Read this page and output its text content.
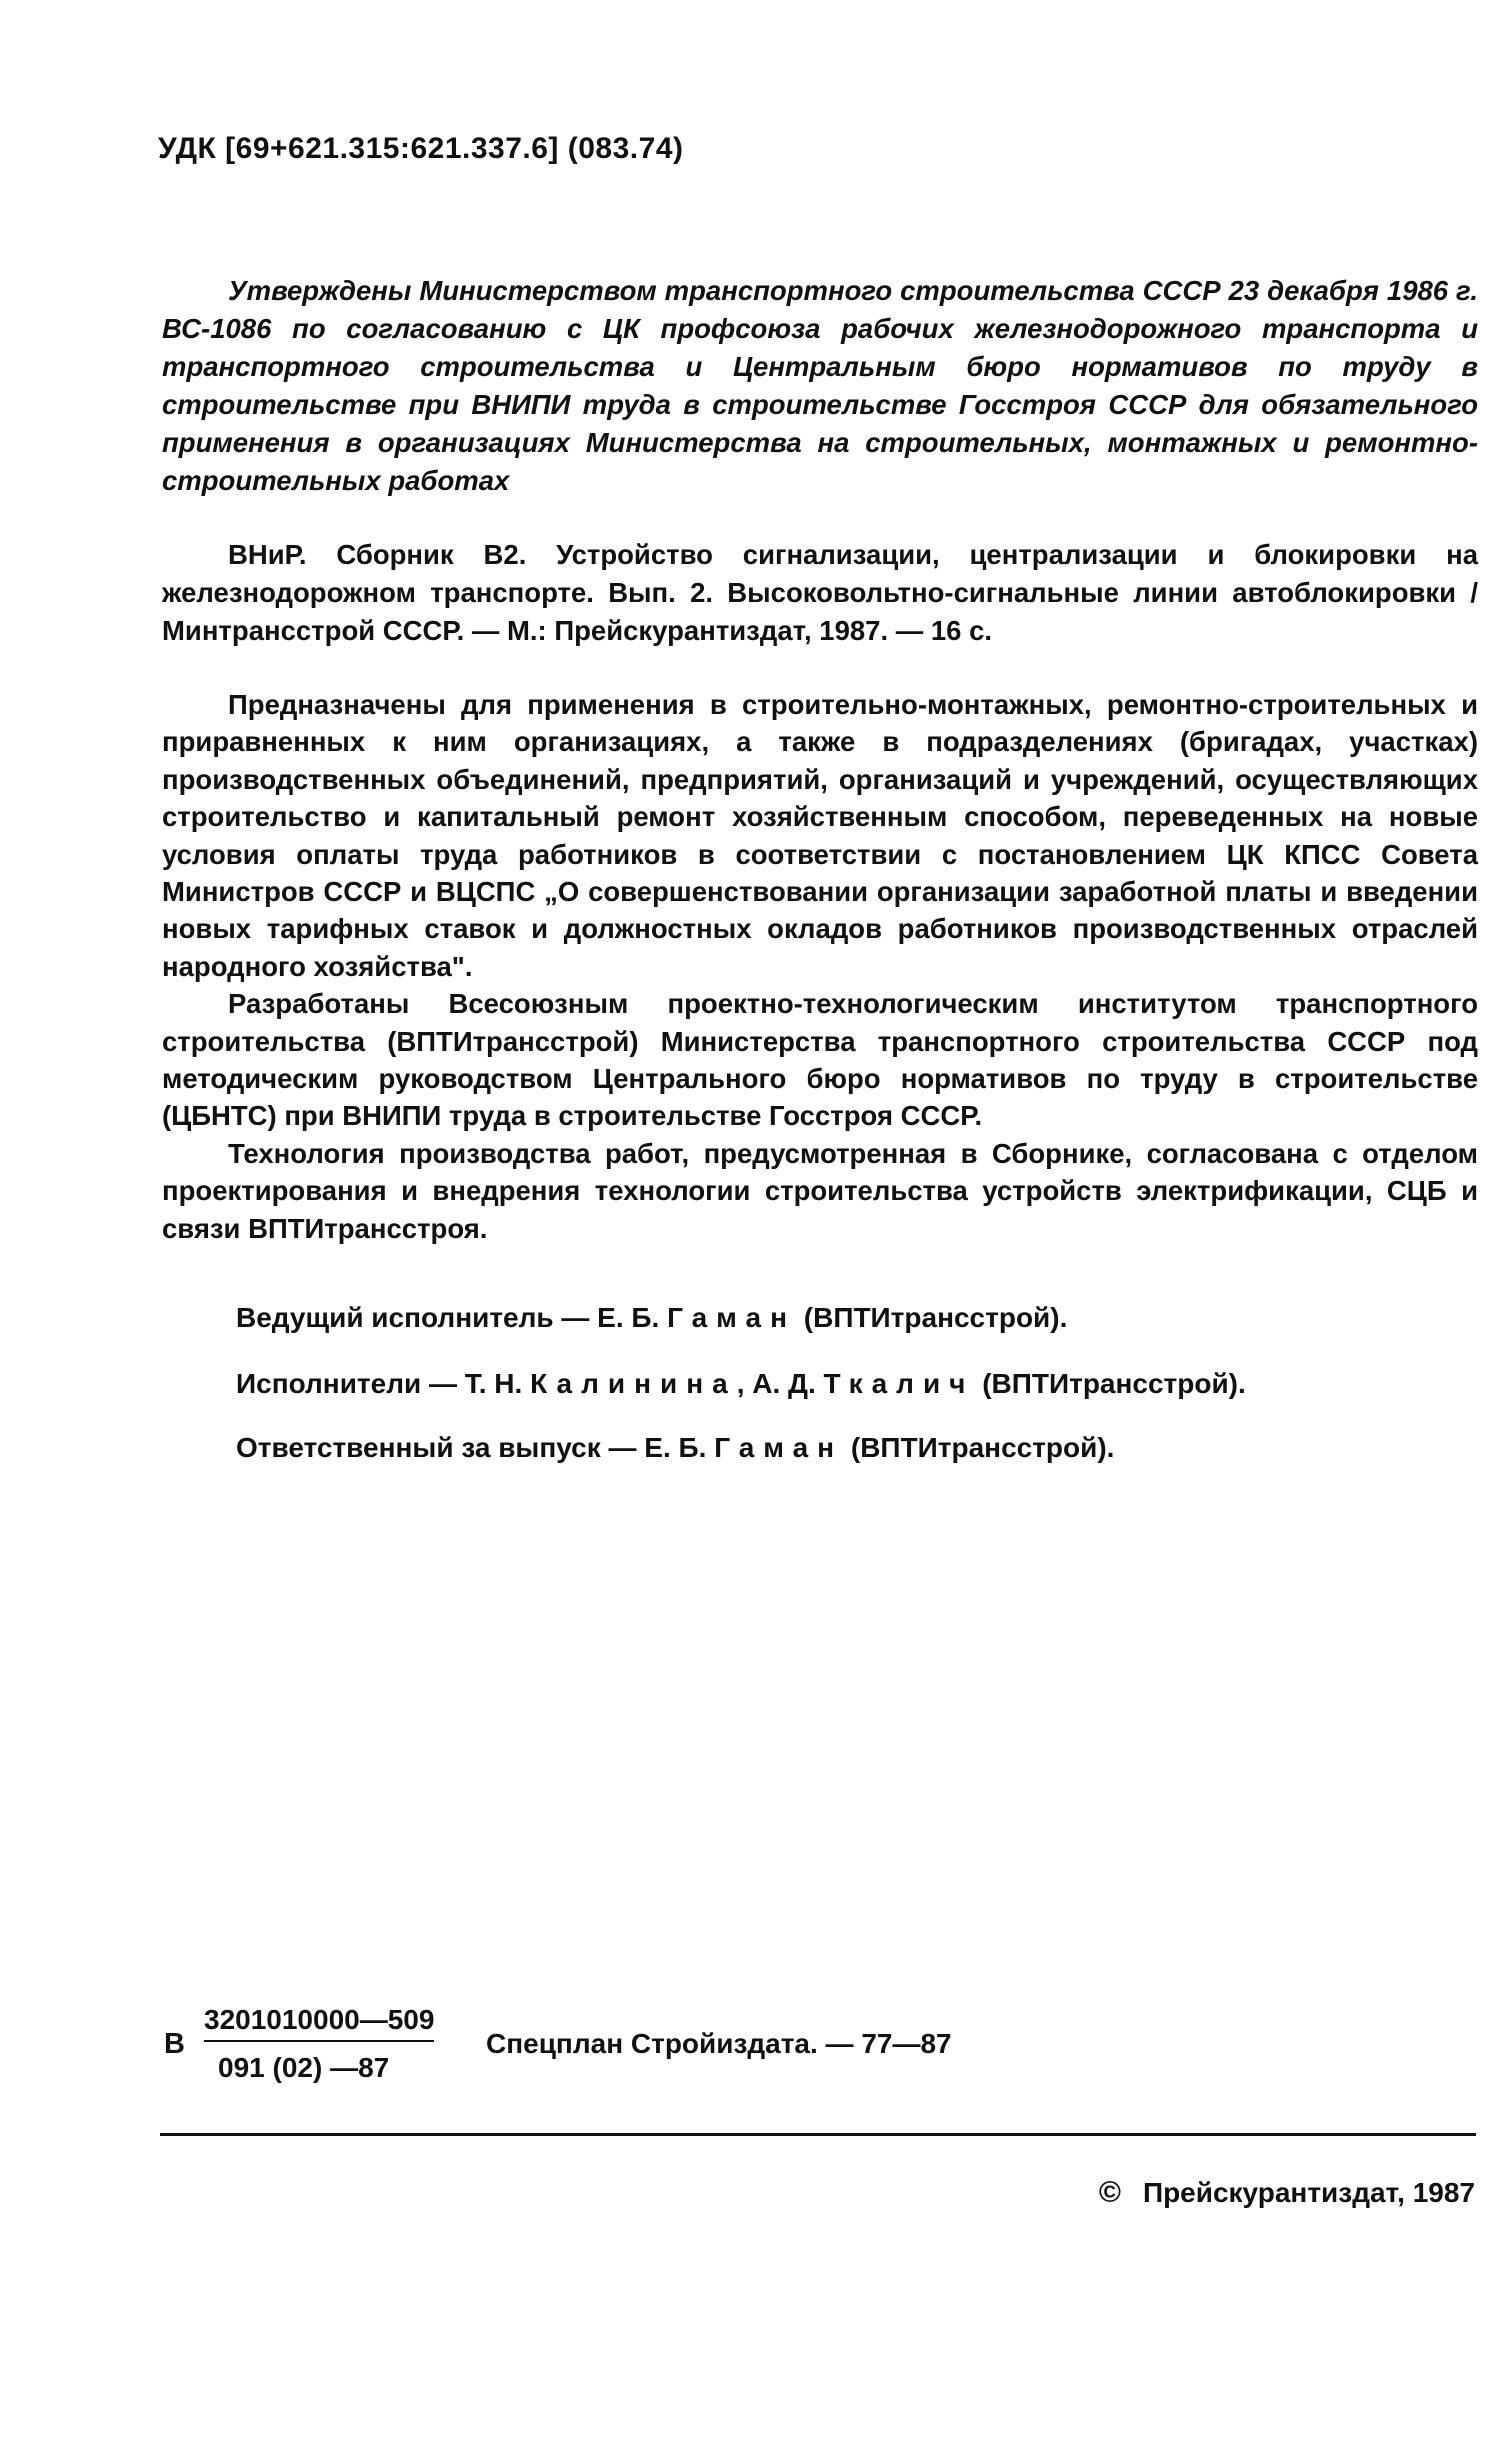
УДК [69+621.315:621.337.6] (083.74)

Утверждены Министерством транспортного строительства СССР 23 декабря 1986 г. ВС-1086 по согласованию с ЦК профсоюза рабочих железнодорожного транспорта и транспортного строительства и Центральным бюро нормативов по труду в строительстве при ВНИПИ труда в строительстве Госстроя СССР для обязательного применения в организациях Министерства на строительных, монтажных и ремонтно-строительных работах

ВНиР. Сборник В2. Устройство сигнализации, централизации и блокировки на железнодорожном транспорте. Вып. 2. Высоковольтно-сигнальные линии автоблокировки /Минтрансстрой СССР. — М.: Прейскурантиздат, 1987. — 16 с.

Предназначены для применения в строительно-монтажных, ремонтно-строительных и приравненных к ним организациях, а также в подразделениях (бригадах, участках) производственных объединений, предприятий, организаций и учреждений, осуществляющих строительство и капитальный ремонт хозяйственным способом, переведенных на новые условия оплаты труда работников в соответствии с постановлением ЦК КПСС Совета Министров СССР и ВЦСПС „О совершенствовании организации заработной платы и введении новых тарифных ставок и должностных окладов работников производственных отраслей народного хозяйства".

Разработаны Всесоюзным проектно-технологическим институтом транспортного строительства (ВПТИтрансстрой) Министерства транспортного строительства СССР под методическим руководством Центрального бюро нормативов по труду в строительстве (ЦБНТС) при ВНИПИ труда в строительстве Госстроя СССР.

Технология производства работ, предусмотренная в Сборнике, согласована с отделом проектирования и внедрения технологии строительства устройств электрификации, СЦБ и связи ВПТИтрансстроя.

Ведущий исполнитель — Е. Б. Гаман (ВПТИтрансстрой).
Исполнители — Т. Н. Калинина, А. Д. Ткалич (ВПТИтрансстрой).
Ответственный за выпуск — Е. Б. Гаман (ВПТИтрансстрой).
В
3201010000—509
091 (02) —87
Спецплан Стройиздата. — 77—87
© Прейскурантиздат, 1987
